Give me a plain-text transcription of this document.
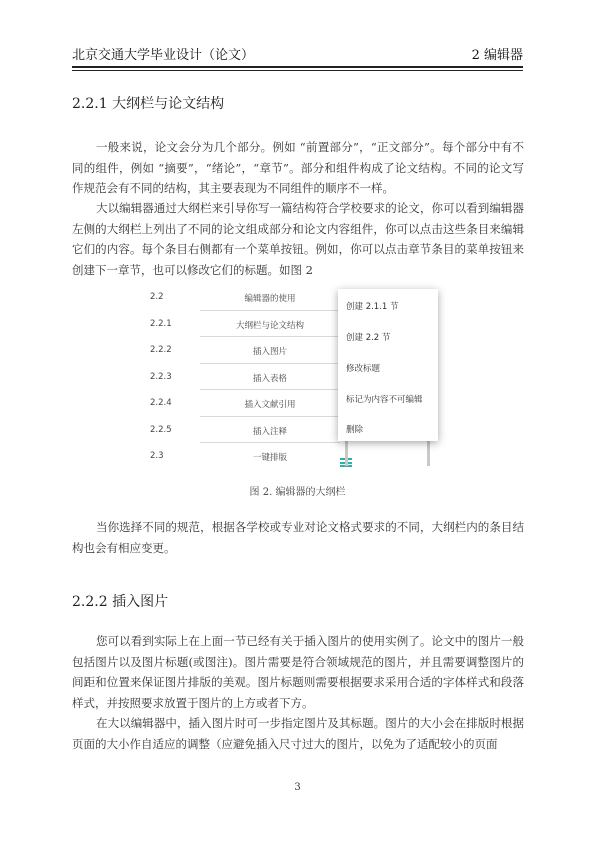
北京交通大学毕业设计（论文）	2 编辑器
2.2.1 大纲栏与论文结构

一般来说，论文会分为几个部分。例如 “前置部分”，“正文部分”。每个部分中有不同的组件，例如 “摘要”，“绪论”，“章节”。部分和组件构成了论文结构。不同的论文写作规范会有不同的结构，其主要表现为不同组件的顺序不一样。

大以编辑器通过大纲栏来引导你写一篇结构符合学校要求的论文，你可以看到编辑器左侧的大纲栏上列出了不同的论文组成部分和论文内容组件，你可以点击这些条目来编辑它们的内容。每个条目右侧都有一个菜单按钮。例如，你可以点击章节条目的菜单按钮来创建下一章节，也可以修改它们的标题。如图 2

2.2	编辑器的使用
2.2.1	大纲栏与论文结构
2.2.2	插入图片
2.2.3	插入表格
2.2.4	插入文献引用
2.2.5	插入注释
2.3	一键排版
创建 2.1.1 节
创建 2.2 节
修改标题
标记为内容不可编辑
删除
图 2. 编辑器的大纲栏

当你选择不同的规范，根据各学校或专业对论文格式要求的不同，大纲栏内的条目结构也会有相应变更。

2.2.2 插入图片

您可以看到实际上在上面一节已经有关于插入图片的使用实例了。论文中的图片一般包括图片以及图片标题(或图注)。图片需要是符合领域规范的图片，并且需要调整图片的间距和位置来保证图片排版的美观。图片标题则需要根据要求采用合适的字体样式和段落样式，并按照要求放置于图片的上方或者下方。

在大以编辑器中，插入图片时可一步指定图片及其标题。图片的大小会在排版时根据页面的大小作自适应的调整（应避免插入尺寸过大的图片，以免为了适配较小的页面

3
